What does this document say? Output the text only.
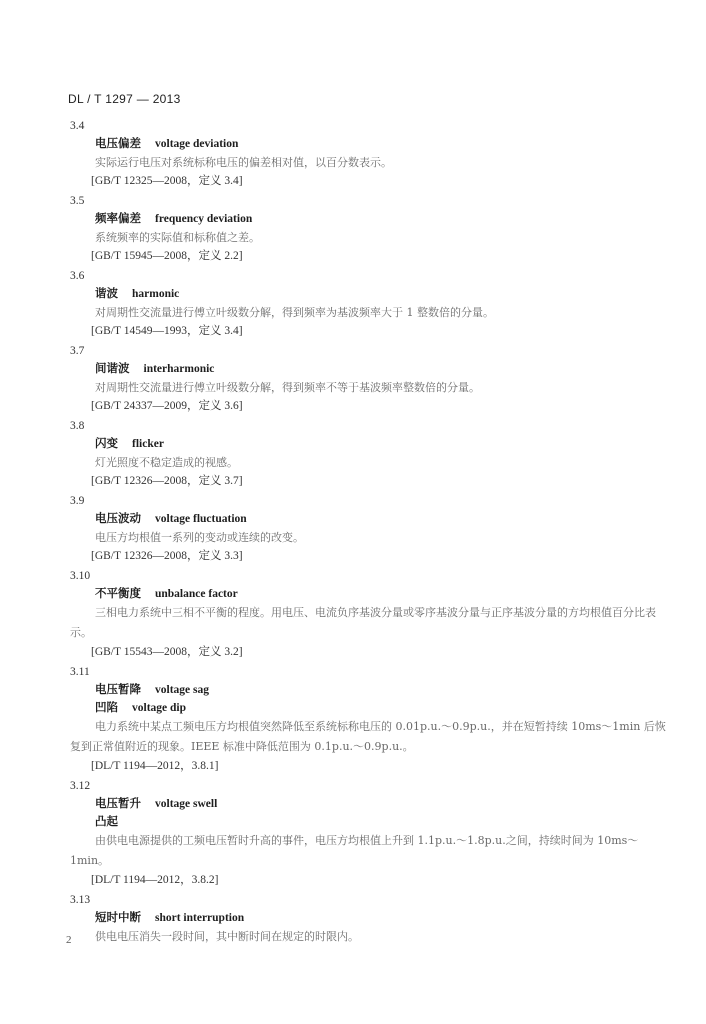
DL / T 1297 — 2013
3.4
电压偏差 voltage deviation
实际运行电压对系统标称电压的偏差相对值，以百分数表示。
[GB/T 12325—2008，定义 3.4]
3.5
频率偏差 frequency deviation
系统频率的实际值和标称值之差。
[GB/T 15945—2008，定义 2.2]
3.6
谐波 harmonic
对周期性交流量进行傅立叶级数分解，得到频率为基波频率大于 1 整数倍的分量。
[GB/T 14549—1993，定义 3.4]
3.7
间谐波 interharmonic
对周期性交流量进行傅立叶级数分解，得到频率不等于基波频率整数倍的分量。
[GB/T 24337—2009，定义 3.6]
3.8
闪变 flicker
灯光照度不稳定造成的视感。
[GB/T 12326—2008，定义 3.7]
3.9
电压波动 voltage fluctuation
电压方均根值一系列的变动或连续的改变。
[GB/T 12326—2008，定义 3.3]
3.10
不平衡度 unbalance factor
三相电力系统中三相不平衡的程度。用电压、电流负序基波分量或零序基波分量与正序基波分量的方均根值百分比表示。
[GB/T 15543—2008，定义 3.2]
3.11
电压暂降 voltage sag
凹陷 voltage dip
电力系统中某点工频电压方均根值突然降低至系统标称电压的 0.01p.u.～0.9p.u.，并在短暂持续 10ms～1min 后恢复到正常值附近的现象。IEEE 标准中降低范围为 0.1p.u.～0.9p.u.。
[DL/T 1194—2012，3.8.1]
3.12
电压暂升 voltage swell
凸起
由供电电源提供的工频电压暂时升高的事件，电压方均根值上升到 1.1p.u.～1.8p.u.之间，持续时间为 10ms～1min。
[DL/T 1194—2012，3.8.2]
3.13
短时中断 short interruption
供电电压消失一段时间，其中断时间在规定的时限内。
2
